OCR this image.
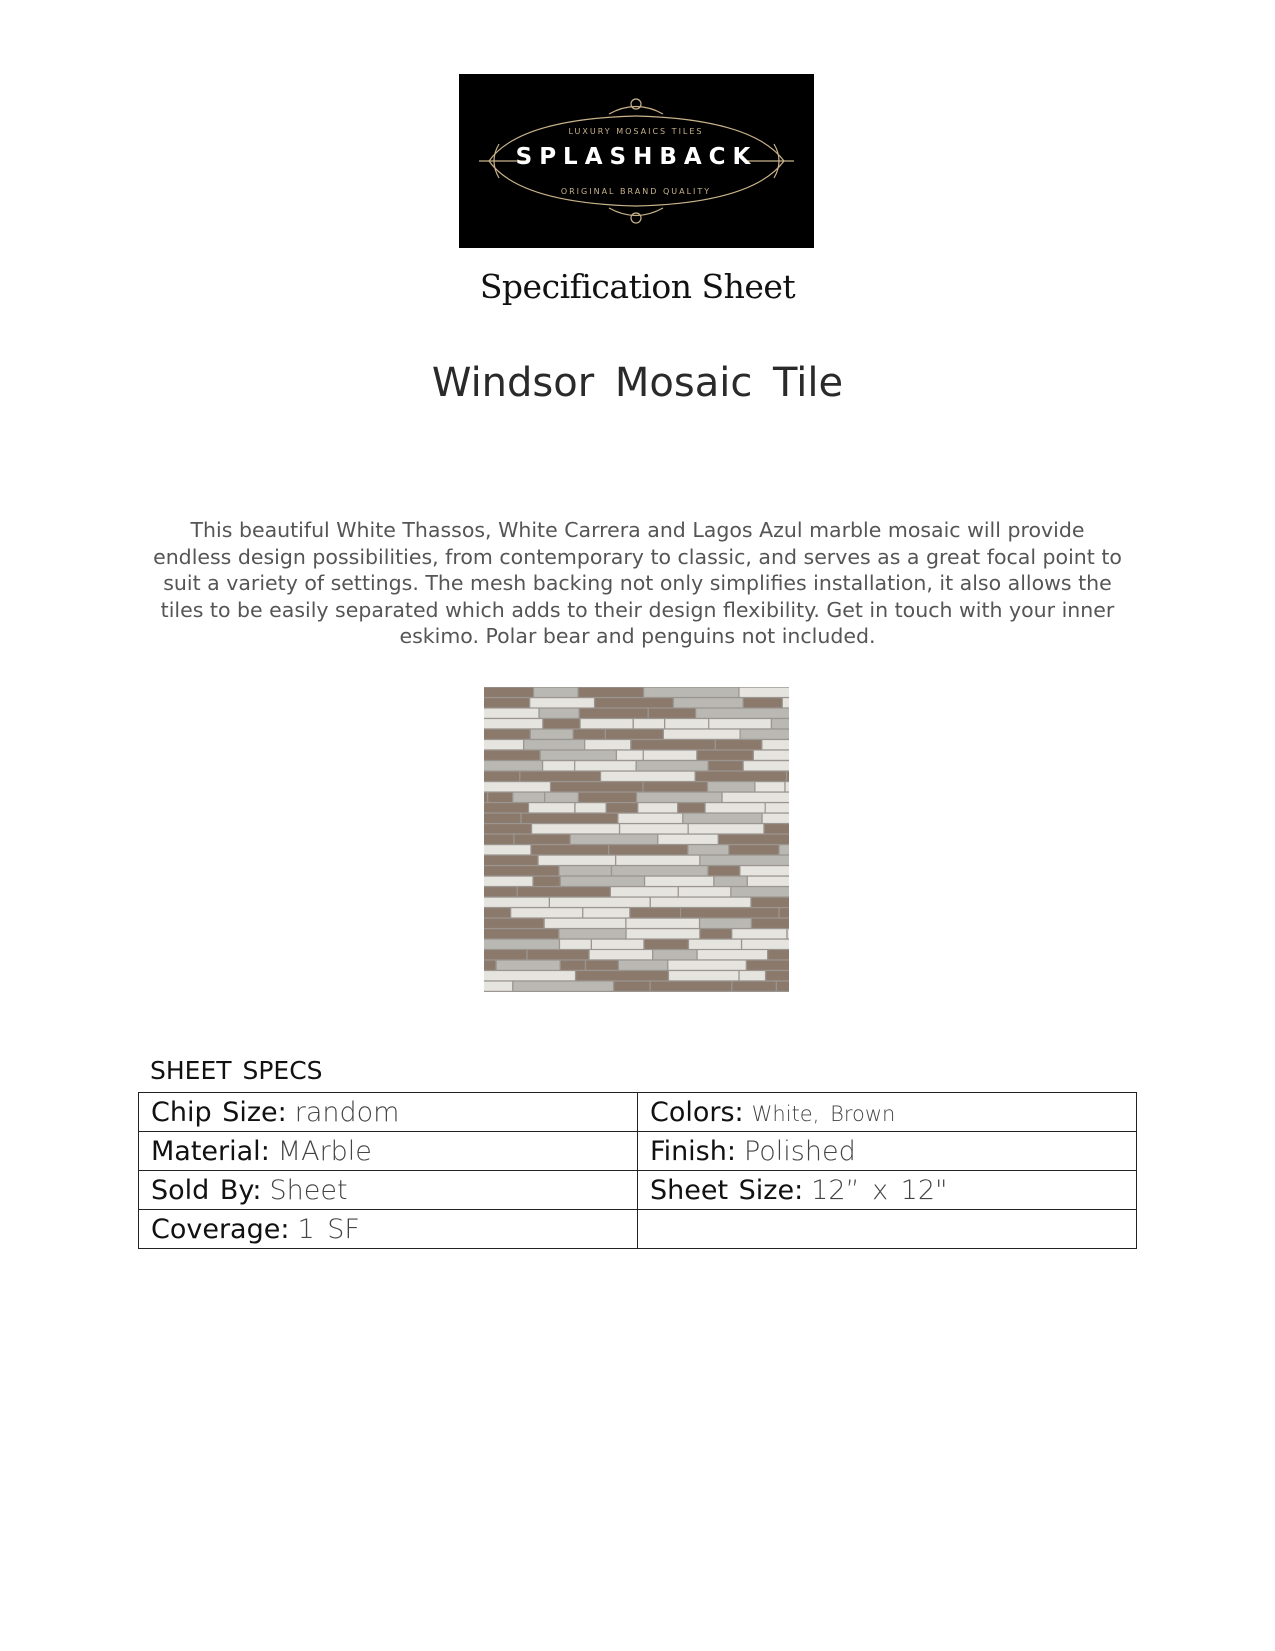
LUXURY MOSAICS TILES
ORIGINAL BRAND QUALITY
SPLASHBACK
Specification Sheet
Windsor Mosaic Tile
This beautiful White Thassos, White Carrera and Lagos Azul marble mosaic will provide endless design possibilities, from contemporary to classic, and serves as a great focal point to suit a variety of settings. The mesh backing not only simplifies installation, it also allows the tiles to be easily separated which adds to their design flexibility. Get in touch with your inner eskimo. Polar bear and penguins not included.
SHEET SPECS
Chip Size: random	Colors: White, Brown
Material: MArble	Finish: Polished
Sold By: Sheet	Sheet Size: 12” x 12"
Coverage: 1 SF	
